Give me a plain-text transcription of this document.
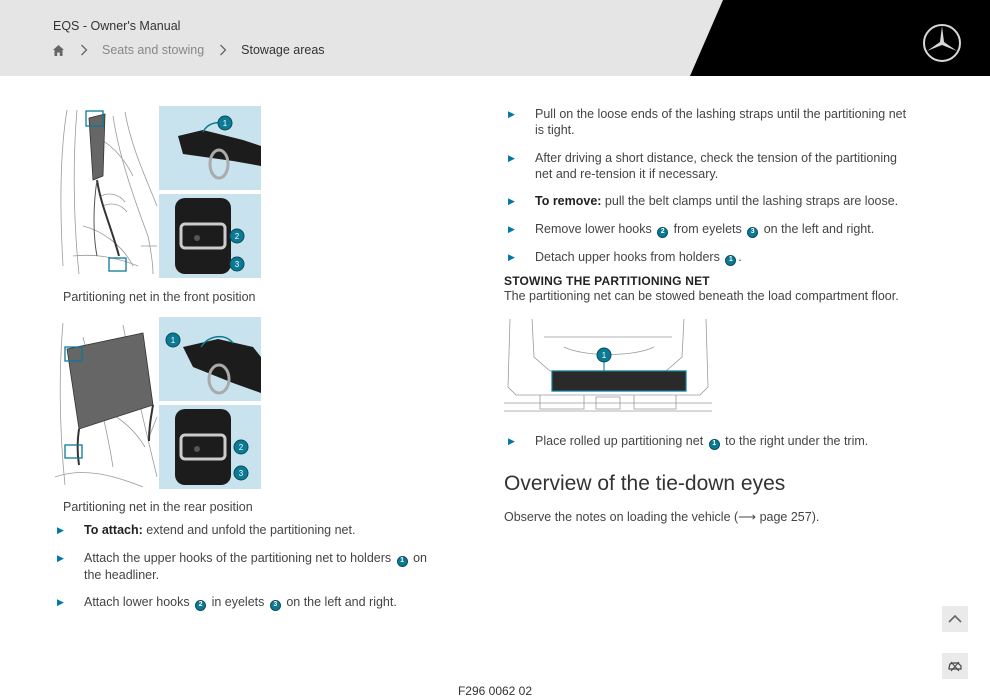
EQS - Owner's Manual
Seats and stowing	Stowage areas
1
2
3
Partitioning net in the front position
1
2
3
Partitioning net in the rear position
▶ To attach: extend and unfold the partitioning net.
▶ Attach the upper hooks of the partitioning net to holders 1 on the headliner.
▶ Attach lower hooks 2 in eyelets 3 on the left and right.
▶ Pull on the loose ends of the lashing straps until the partitioning net is tight.
▶ After driving a short distance, check the tension of the partitioning net and re-tension it if necessary.
▶ To remove: pull the belt clamps until the lashing straps are loose.
▶ Remove lower hooks 2 from eyelets 3 on the left and right.
▶ Detach upper hooks from holders 1 .
STOWING THE PARTITIONING NET
The partitioning net can be stowed beneath the load compartment floor.
1
▶ Place rolled up partitioning net 1 to the right under the trim.
Overview of the tie-down eyes
Observe the notes on loading the vehicle (⟶ page 257).
F296 0062 02
